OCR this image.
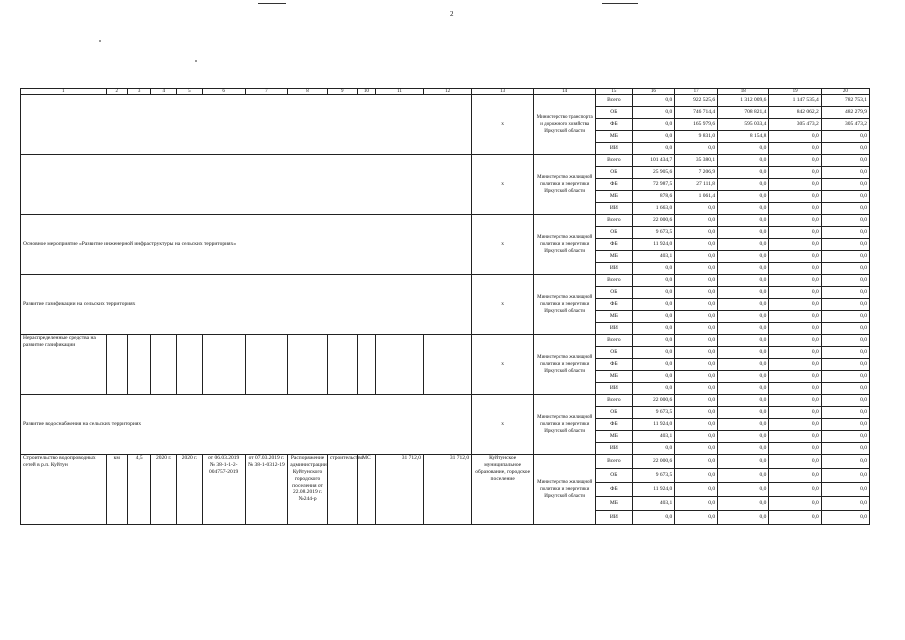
2
1	2	3	4	5	6	7	8	9	10	11	12	13	14	15	16	17	18	19	20
												х	Министерство транспорта и дорожного хозяйства Иркутской области	Всего	0,0	922 525,6	1 312 009,6	1 147 535,4	782 753,1
														ОБ	0,0	746 714,4	708 821,4	842 062,2	482 279,9
														ФБ	0,0	165 979,6	595 033,4	305 473,2	305 473,2
														МБ	0,0	9 831,0	8 154,8	0,0	0,0
														ИИ	0,0	0,0	0,0	0,0	0,0
												х	Министерство жилищной политики и энергетики Иркутской области	Всего	101 434,7	35 380,1	0,0	0,0	0,0
														ОБ	25 905,6	7 206,9	0,0	0,0	0,0
														ФБ	72 987,5	27 111,8	0,0	0,0	0,0
														МБ	878,6	1 061,4	0,0	0,0	0,0
														ИИ	1 663,0	0,0	0,0	0,0	0,0
Основное мероприятие «Развитие инженерной инфраструктуры на сельских территориях»												х	Министерство жилищной политики и энергетики Иркутской области	Всего	22 000,6	0,0	0,0	0,0	0,0
														ОБ	9 673,5	0,0	0,0	0,0	0,0
														ФБ	11 924,0	0,0	0,0	0,0	0,0
														МБ	403,1	0,0	0,0	0,0	0,0
														ИИ	0,0	0,0	0,0	0,0	0,0
Развитие газификации на сельских территориях												х	Министерство жилищной политики и энергетики Иркутской области	Всего	0,0	0,0	0,0	0,0	0,0
														ОБ	0,0	0,0	0,0	0,0	0,0
														ФБ	0,0	0,0	0,0	0,0	0,0
														МБ	0,0	0,0	0,0	0,0	0,0
														ИИ	0,0	0,0	0,0	0,0	0,0
Нераспределенные средства на развитие газификации												х	Министерство жилищной политики и энергетики Иркутской области	Всего	0,0	0,0	0,0	0,0	0,0
														ОБ	0,0	0,0	0,0	0,0	0,0
														ФБ	0,0	0,0	0,0	0,0	0,0
														МБ	0,0	0,0	0,0	0,0	0,0
														ИИ	0,0	0,0	0,0	0,0	0,0
Развитие водоснабжения на сельских территориях												х	Министерство жилищной политики и энергетики Иркутской области	Всего	22 000,6	0,0	0,0	0,0	0,0
														ОБ	9 673,5	0,0	0,0	0,0	0,0
														ФБ	11 924,0	0,0	0,0	0,0	0,0
														МБ	403,1	0,0	0,0	0,0	0,0
														ИИ	0,0	0,0	0,0	0,0	0,0
Строительство водопроводных сетей в р.п. Куйтун	км	4,5	2020 г.	2020 г.	от 06.03.2019 № 38-1-1-2-004757-2019	от 07.03.2019 г. № 38-1-0312-19	Распоряжение администрации Куйтунского городского поселения от 22.08.2019 г. №244-р	строительство	МС	31 712,0	31 712,0	Куйтунское муниципальное образование, городское поселение	Министерство жилищной политики и энергетики Иркутской области	Всего	22 000,6	0,0	0,0	0,0	0,0
														ОБ	9 673,5	0,0	0,0	0,0	0,0
														ФБ	11 924,0	0,0	0,0	0,0	0,0
														МБ	403,1	0,0	0,0	0,0	0,0
														ИИ	0,0	0,0	0,0	0,0	0,0
